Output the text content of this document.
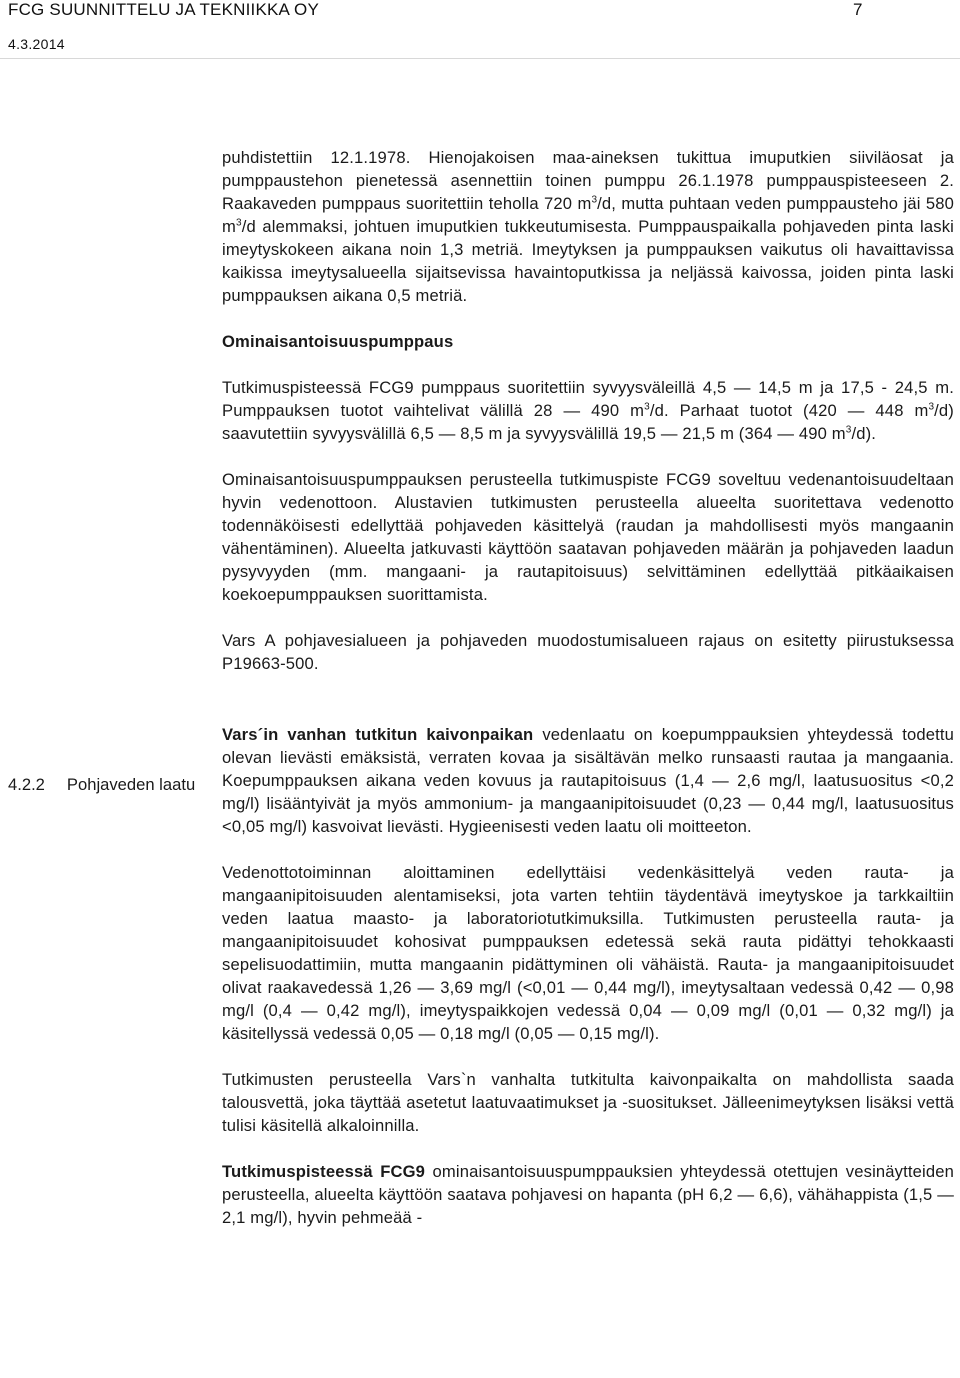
FCG SUUNNITTELU JA TEKNIIKKA OY	7
4.3.2014
4.2.2 Pohjaveden laatu

puhdistettiin 12.1.1978. Hienojakoisen maa-aineksen tukittua imuputkien siiviläosat ja pumppaustehon pienetessä asennettiin toinen pumppu 26.1.1978 pumppauspisteeseen 2. Raakaveden pumppaus suoritettiin teholla 720 $m^3/d$, mutta puhtaan veden pumppausteho jäi 580 $m^3/d$ alemmaksi, johtuen imuputkien tukkeutumisesta. Pumppauspaikalla pohjaveden pinta laski imeytyskokeen aikana noin 1,3 metriä. Imeytyksen ja pumppauksen vaikutus oli havaittavissa kaikissa imeytysalueella sijaitsevissa havaintoputkissa ja neljässä kaivossa, joiden pinta laski pumppauksen aikana 0,5 metriä.

Ominaisantoisuuspumppaus

Tutkimuspisteessä FCG9 pumppaus suoritettiin syvyysväleillä 4,5 — 14,5 m ja 17,5 - 24,5 m. Pumppauksen tuotot vaihtelivat välillä 28 — 490 $m^3/d$. Parhaat tuotot (420 — 448 $m^3/d$) saavutettiin syvyysvälillä 6,5 — 8,5 m ja syvyysvälillä 19,5 — 21,5 m (364 — 490 $m^3/d$).

Ominaisantoisuuspumppauksen perusteella tutkimuspiste FCG9 soveltuu vedenantoisuudeltaan hyvin vedenottoon. Alustavien tutkimusten perusteella alueelta suoritettava vedenotto todennäköisesti edellyttää pohjaveden käsittelyä (raudan ja mahdollisesti myös mangaanin vähentäminen). Alueelta jatkuvasti käyttöön saatavan pohjaveden määrän ja pohjaveden laadun pysyvyyden (mm. mangaani- ja rautapitoisuus) selvittäminen edellyttää pitkäaikaisen koekoepumppauksen suorittamista.

Vars A pohjavesialueen ja pohjaveden muodostumisalueen rajaus on esitetty piirustuksessa P19663-500.

Vars´in vanhan tutkitun kaivonpaikan vedenlaatu on koepumppauksien yhteydessä todettu olevan lievästi emäksistä, verraten kovaa ja sisältävän melko runsaasti rautaa ja mangaania. Koepumppauksen aikana veden kovuus ja rautapitoisuus (1,4 — 2,6 mg/l, laatusuositus <0,2 mg/l) lisääntyivät ja myös ammonium- ja mangaanipitoisuudet (0,23 — 0,44 mg/l, laatusuositus <0,05 mg/l) kasvoivat lievästi. Hygieenisesti veden laatu oli moitteeton.

Vedenottotoiminnan aloittaminen edellyttäisi vedenkäsittelyä veden rauta- ja mangaanipitoisuuden alentamiseksi, jota varten tehtiin täydentävä imeytyskoe ja tarkkailtiin veden laatua maasto- ja laboratoriotutkimuksilla. Tutkimusten perusteella rauta- ja mangaanipitoisuudet kohosivat pumppauksen edetessä sekä rauta pidättyi tehokkaasti sepelisuodattimiin, mutta mangaanin pidättyminen oli vähäistä. Rauta- ja mangaanipitoisuudet olivat raakavedessä 1,26 — 3,69 mg/l (<0,01 — 0,44 mg/l), imeytysaltaan vedessä 0,42 — 0,98 mg/l (0,4 — 0,42 mg/l), imeytyspaikkojen vedessä 0,04 — 0,09 mg/l (0,01 — 0,32 mg/l) ja käsitellyssä vedessä 0,05 — 0,18 mg/l (0,05 — 0,15 mg/l).

Tutkimusten perusteella Vars`n vanhalta tutkitulta kaivonpaikalta on mahdollista saada talousvettä, joka täyttää asetetut laatuvaatimukset ja -suositukset. Jälleenimeytyksen lisäksi vettä tulisi käsitellä alkaloinnilla.

Tutkimuspisteessä FCG9 ominaisantoisuuspumppauksien yhteydessä otettujen vesinäytteiden perusteella, alueelta käyttöön saatava pohjavesi on hapanta (pH 6,2 — 6,6), vähähappista (1,5 — 2,1 mg/l), hyvin pehmeää -
